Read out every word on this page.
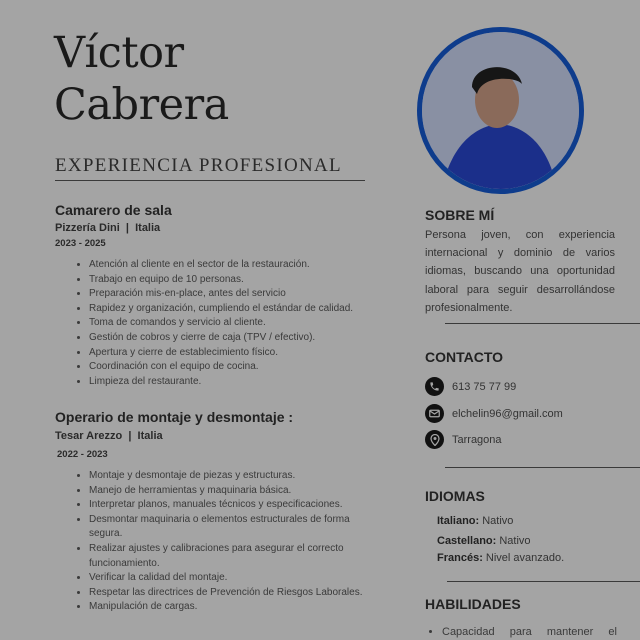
Víctor
Cabrera
EXPERIENCIA PROFESIONAL
Camarero de sala
Pizzería Dini  |  Italia
2023 - 2025
• Atención al cliente en el sector de la restauración.
• Trabajo en equipo de 10 personas.
• Preparación mis-en-place, antes del servicio
• Rapidez y organización, cumpliendo el estándar de calidad.
• Toma de comandos y servicio al cliente.
• Gestión de cobros y cierre de caja (TPV / efectivo).
• Apertura y cierre de establecimiento físico.
• Coordinación con el equipo de cocina.
• Limpieza del restaurante.
Operario de montaje y desmontaje :
Tesar Arezzo  |  Italia
2022 - 2023
• Montaje y desmontaje de piezas y estructuras.
• Manejo de herramientas y maquinaria básica.
• Interpretar planos, manuales técnicos y especificaciones.
• Desmontar maquinaria o elementos estructurales de forma segura.
• Realizar ajustes y calibraciones para asegurar el correcto funcionamiento.
• Verificar la calidad del montaje.
• Respetar las directrices de Prevención de Riesgos Laborales.
• Manipulación de cargas.
SOBRE MÍ
Persona joven, con experiencia internacional y dominio de varios idiomas, buscando una oportunidad laboral para seguir desarrollándose profesionalmente.
CONTACTO
613 75 77 99
elchelin96@gmail.com
Tarragona
IDIOMAS
Italiano: Nativo
Castellano: Nativo
Francés: Nivel avanzado.
HABILIDADES
• Capacidad para mantener el
